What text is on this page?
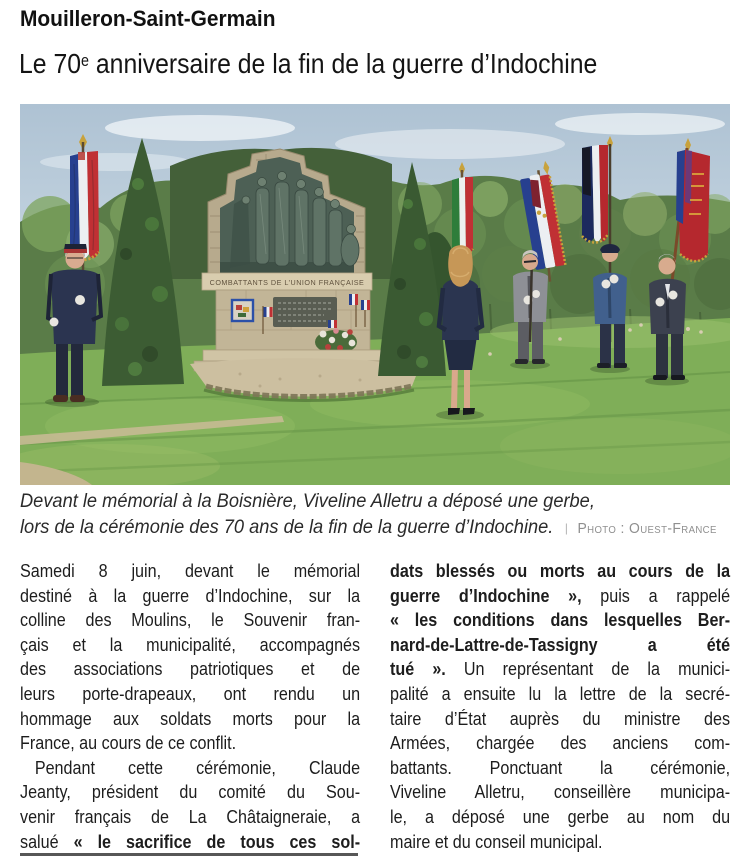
Mouilleron-Saint-Germain
Le 70e anniversaire de la fin de la guerre d’Indochine
COMBATTANTS DE L’UNION FRANÇAISE
Devant le mémorial à la Boisnière, Viveline Alletru a déposé une gerbe,
lors de la cérémonie des 70 ans de la fin de la guerre d’Indochine. | Photo : Ouest-France
Samedi 8 juin, devant le mémorial
destiné à la guerre d’Indochine, sur la
colline des Moulins, le Souvenir fran-
çais et la municipalité, accompagnés
des associations patriotiques et de
leurs porte-drapeaux, ont rendu un
hommage aux soldats morts pour la
France, au cours de ce conflit.
Pendant cette cérémonie, Claude
Jeanty, président du comité du Sou-
venir français de La Châtaigneraie, a
salué « le sacrifice de tous ces sol-
dats blessés ou morts au cours de la
guerre d’Indochine », puis a rappelé
« les conditions dans lesquelles Ber-
nard-de-Lattre-de-Tassigny a été
tué ». Un représentant de la munici-
palité a ensuite lu la lettre de la secré-
taire d’État auprès du ministre des
Armées, chargée des anciens com-
battants. Ponctuant la cérémonie,
Viveline Alletru, conseillère municipa-
le, a déposé une gerbe au nom du
maire et du conseil municipal.
